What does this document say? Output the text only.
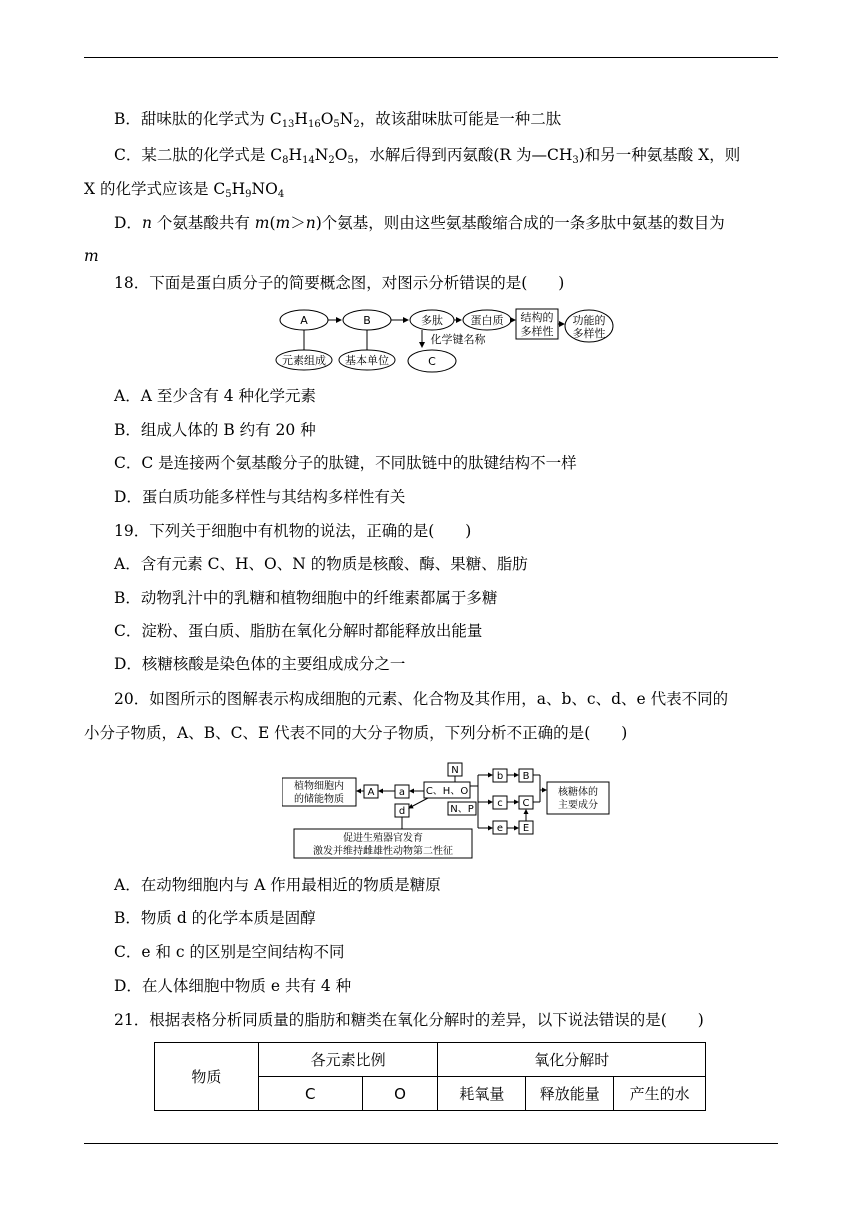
B．甜味肽的化学式为 $C_{13}H_{16}O_5N_2$，故该甜味肽可能是一种二肽
C．某二肽的化学式是 $C_8H_{14}N_2O_5$，水解后得到丙氨酸(R 为$—CH_3$)和另一种氨基酸 X，则
X 的化学式应该是 $C_5H_9NO_4$
D．n 个氨基酸共有 m(m＞n)个氨基，则由这些氨基酸缩合成的一条多肽中氨基的数目为
m
18．下面是蛋白质分子的简要概念图，对图示分析错误的是(　　)
A	B	多肽	蛋白质 结构的
多样性
功能的
多样性
元素组成 基本单位
化学键名称
C
A．A 至少含有 4 种化学元素
B．组成人体的 B 约有 20 种
C．C 是连接两个氨基酸分子的肽键，不同肽链中的肽键结构不一样
D．蛋白质功能多样性与其结构多样性有关
19．下列关于细胞中有机物的说法，正确的是(　　)
A．含有元素 C、H、O、N 的物质是核酸、酶、果糖、脂肪
B．动物乳汁中的乳糖和植物细胞中的纤维素都属于多糖
C．淀粉、蛋白质、脂肪在氧化分解时都能释放出能量
D．核糖核酸是染色体的主要组成成分之一
20．如图所示的图解表示构成细胞的元素、化合物及其作用，a、b、c、d、e 代表不同的
小分子物质，A、B、C、E 代表不同的大分子物质，下列分析不正确的是(　　)
植物细胞内
的储能物质
A a C、H、O
N
b B
N、P
c C
d
e E
核糖体的
主要成分
促进生殖器官发育
激发并维持雌雄性动物第二性征
A．在动物细胞内与 A 作用最相近的物质是糖原
B．物质 d 的化学本质是固醇
C．e 和 c 的区别是空间结构不同
D．在人体细胞中物质 e 共有 4 种
21．根据表格分析同质量的脂肪和糖类在氧化分解时的差异，以下说法错误的是(　　)
物质	各元素比例		氧化分解时		
	C	O	耗氧量	释放能量	产生的水
